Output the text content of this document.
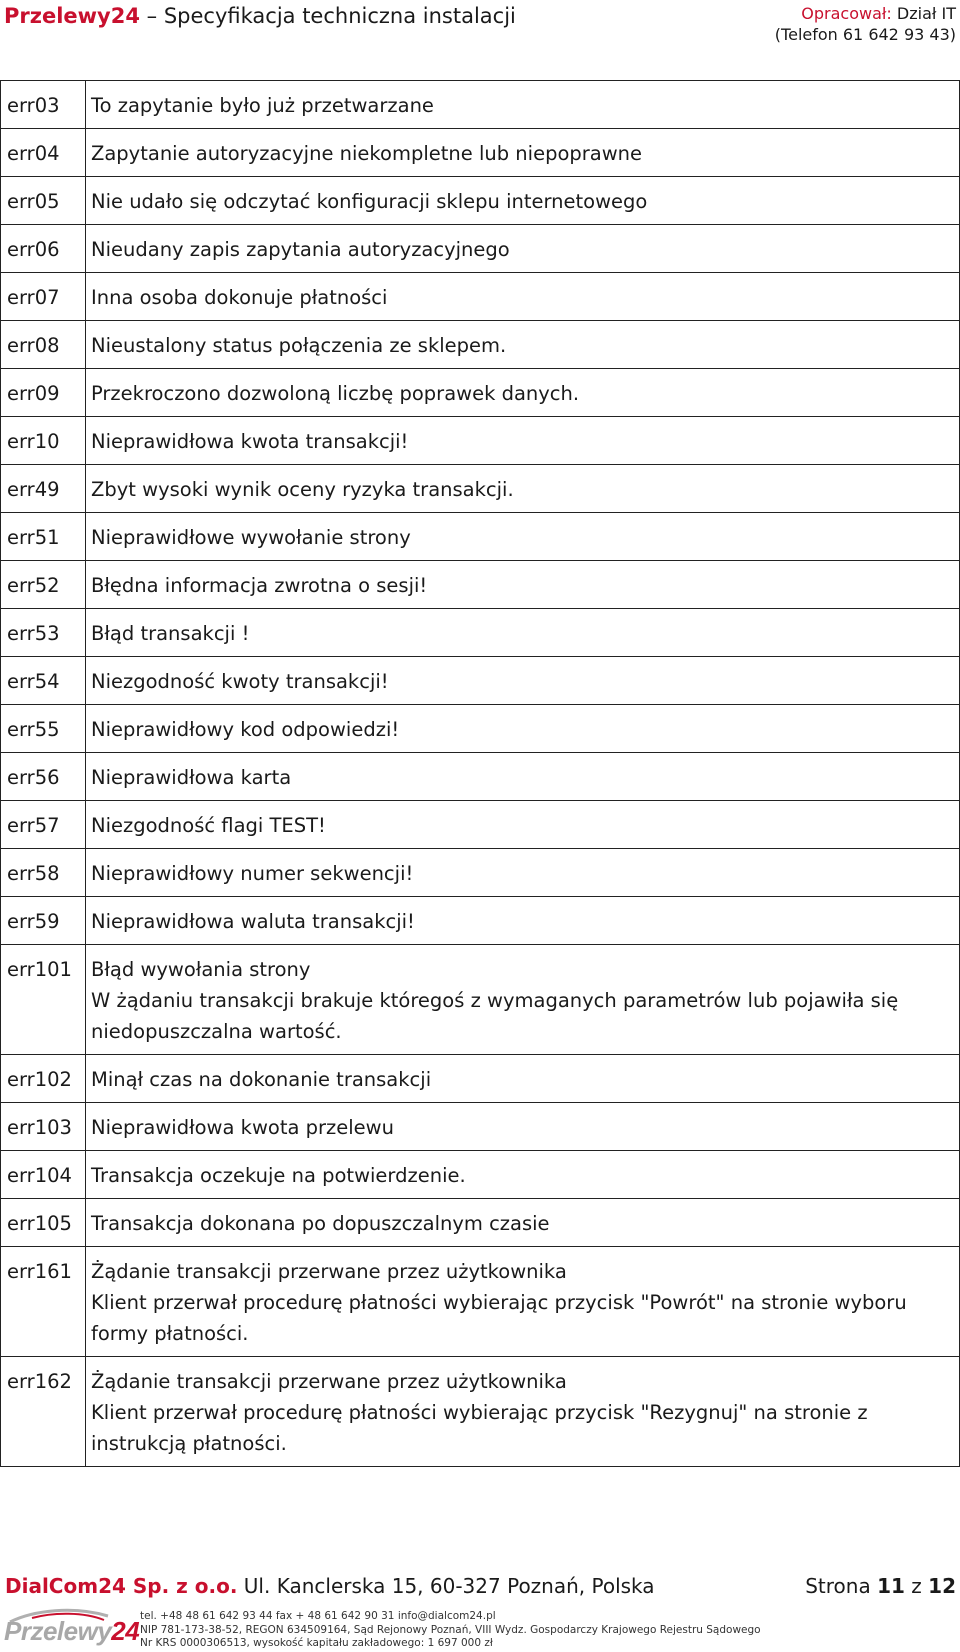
Przelewy24 – Specyfikacja techniczna instalacji	Opracował: Dział IT
(Telefon 61 642 93 43)
err03	To zapytanie było już przetwarzane

err04	Zapytanie autoryzacyjne niekompletne lub niepoprawne

err05	Nie udało się odczytać konfiguracji sklepu internetowego

err06	Nieudany zapis zapytania autoryzacyjnego

err07	Inna osoba dokonuje płatności

err08	Nieustalony status połączenia ze sklepem.

err09	Przekroczono dozwoloną liczbę poprawek danych.

err10	Nieprawidłowa kwota transakcji!

err49	Zbyt wysoki wynik oceny ryzyka transakcji.

err51	Nieprawidłowe wywołanie strony

err52	Błędna informacja zwrotna o sesji!

err53	Błąd transakcji !

err54	Niezgodność kwoty transakcji!

err55	Nieprawidłowy kod odpowiedzi!

err56	Nieprawidłowa karta

err57	Niezgodność flagi TEST!

err58	Nieprawidłowy numer sekwencji!

err59	Nieprawidłowa waluta transakcji!

err101	Błąd wywołania strony
W żądaniu transakcji brakuje któregoś z wymaganych parametrów lub pojawiła się
niedopuszczalna wartość.

err102	Minął czas na dokonanie transakcji

err103	Nieprawidłowa kwota przelewu

err104	Transakcja oczekuje na potwierdzenie.

err105	Transakcja dokonana po dopuszczalnym czasie

err161	Żądanie transakcji przerwane przez użytkownika
Klient przerwał procedurę płatności wybierając przycisk "Powrót" na stronie wyboru
formy płatności.

err162	Żądanie transakcji przerwane przez użytkownika
Klient przerwał procedurę płatności wybierając przycisk "Rezygnuj" na stronie z
instrukcją płatności.
DialCom24 Sp. z o.o. Ul. Kanclerska 15, 60-327 Poznań, Polska	Strona 11 z 12
Przelewy24 tel. +48 48 61 642 93 44 fax + 48 61 642 90 31 info@dialcom24.pl
NIP 781-173-38-52, REGON 634509164, Sąd Rejonowy Poznań, VIII Wydz. Gospodarczy Krajowego Rejestru Sądowego
Nr KRS 0000306513, wysokość kapitału zakładowego: 1 697 000 zł
